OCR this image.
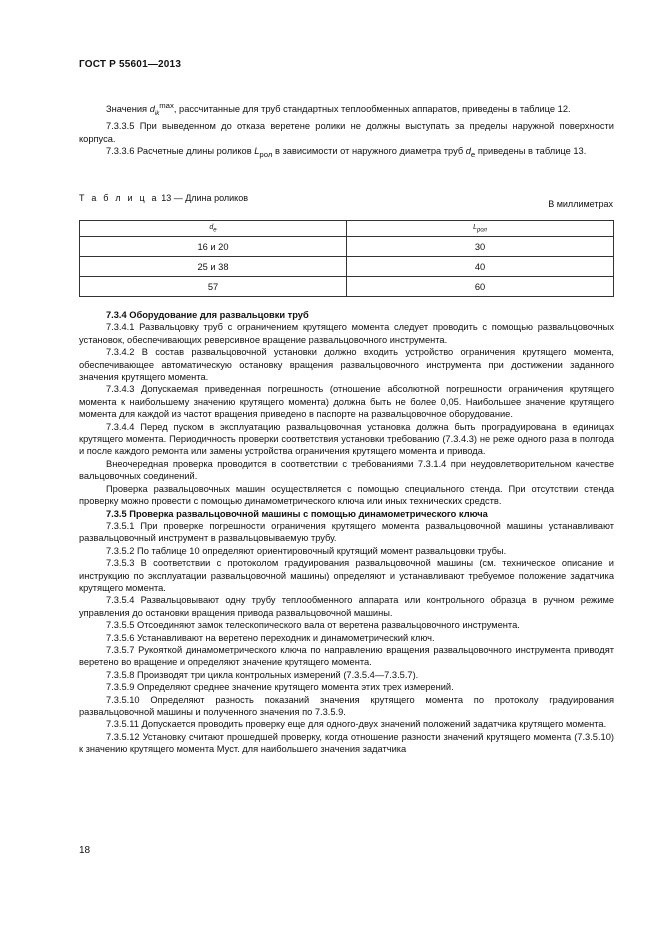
ГОСТ Р 55601—2013

Значения $d_{ik}^{max}$, рассчитанные для труб стандартных теплообменных аппаратов, приведены в таблице 12.

7.3.3.5 При выведенном до отказа веретене ролики не должны выступать за пределы наружной поверхности корпуса.

7.3.3.6 Расчетные длины роликов $L_{рол}$ в зависимости от наружного диаметра труб $d_e$ приведены в таблице 13.

Т а б л и ц а 13 — Длина роликов
В миллиметрах
$d_e$	$L_{рол}$
16 и 20	30
25 и 38	40
57	60

7.3.4 Оборудование для развальцовки труб

7.3.4.1 Развальцовку труб с ограничением крутящего момента следует проводить с помощью развальцовочных установок, обеспечивающих реверсивное вращение развальцовочного инструмента.

7.3.4.2 В состав развальцовочной установки должно входить устройство ограничения крутящего момента, обеспечивающее автоматическую остановку вращения развальцовочного инструмента при достижении заданного значения крутящего момента.

7.3.4.3 Допускаемая приведенная погрешность (отношение абсолютной погрешности ограничения крутящего момента к наибольшему значению крутящего момента) должна быть не более 0,05. Наибольшее значение крутящего момента для каждой из частот вращения приведено в паспорте на развальцовочное оборудование.

7.3.4.4 Перед пуском в эксплуатацию развальцовочная установка должна быть проградуирована в единицах крутящего момента. Периодичность проверки соответствия установки требованию (7.3.4.3) не реже одного раза в полгода и после каждого ремонта или замены устройства ограничения крутящего момента и привода.

Внеочередная проверка проводится в соответствии с требованиями 7.3.1.4 при неудовлетворительном качестве вальцовочных соединений.

Проверка развальцовочных машин осуществляется с помощью специального стенда. При отсутствии стенда проверку можно провести с помощью динамометрического ключа или иных технических средств.

7.3.5 Проверка развальцовочной машины с помощью динамометрического ключа

7.3.5.1 При проверке погрешности ограничения крутящего момента развальцовочной машины устанавливают развальцовочный инструмент в развальцовываемую трубу.

7.3.5.2 По таблице 10 определяют ориентировочный крутящий момент развальцовки трубы.

7.3.5.3 В соответствии с протоколом градуирования развальцовочной машины (см. техническое описание и инструкцию по эксплуатации развальцовочной машины) определяют и устанавливают требуемое положение задатчика крутящего момента.

7.3.5.4 Развальцовывают одну трубу теплообменного аппарата или контрольного образца в ручном режиме управления до остановки вращения привода развальцовочной машины.

7.3.5.5 Отсоединяют замок телескопического вала от веретена развальцовочного инструмента.

7.3.5.6 Устанавливают на веретено переходник и динамометрический ключ.

7.3.5.7 Рукояткой динамометрического ключа по направлению вращения развальцовочного инструмента приводят веретено во вращение и определяют значение крутящего момента.

7.3.5.8 Производят три цикла контрольных измерений (7.3.5.4—7.3.5.7).

7.3.5.9 Определяют среднее значение крутящего момента этих трех измерений.

7.3.5.10 Определяют разность показаний значения крутящего момента по протоколу градуирования развальцовочной машины и полученного значения по 7.3.5.9.

7.3.5.11 Допускается проводить проверку еще для одного-двух значений положений задатчика крутящего момента.

7.3.5.12 Установку считают прошедшей проверку, когда отношение разности значений крутящего момента (7.3.5.10) к значению крутящего момента Муст. для наибольшего значения задатчика

18
